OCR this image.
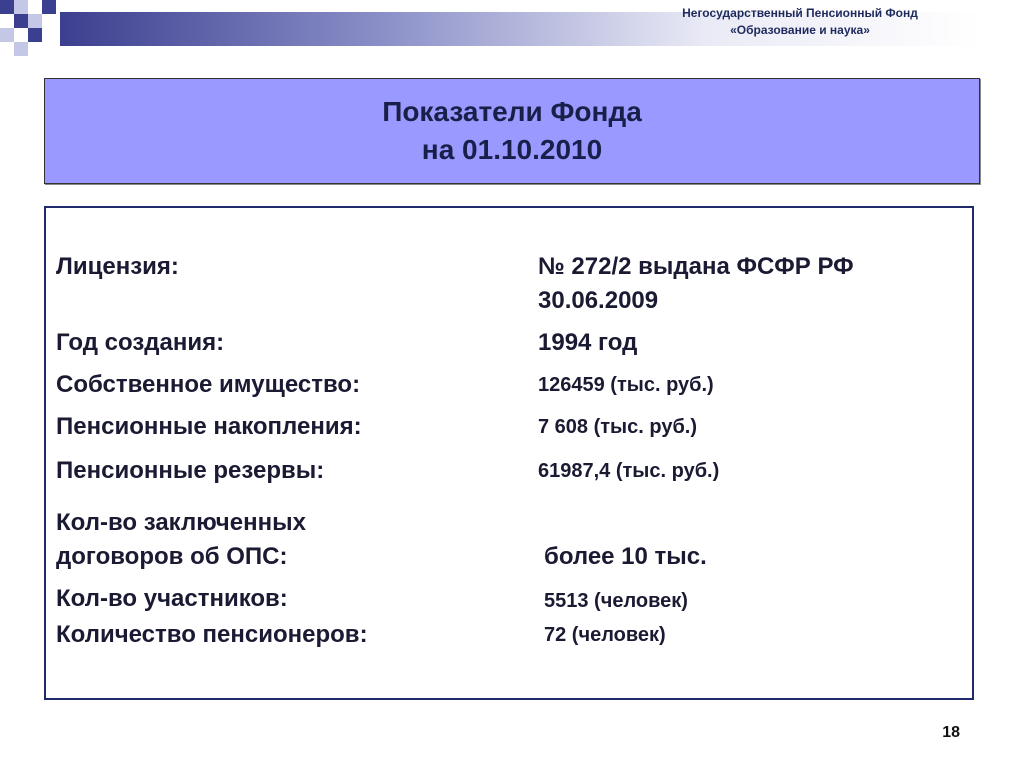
Негосударственный Пенсионный Фонд
«Образование и наука»
Показатели Фонда
на 01.10.2010
Лицензия:	№ 272/2 выдана ФСФР РФ
30.06.2009
Год создания:	1994 год
Собственное имущество:	126459 (тыс. руб.)
Пенсионные накопления:	7 608 (тыс. руб.)
Пенсионные резервы:	61987,4 (тыс. руб.)
Кол-во заключенных
договоров об ОПС:	более 10 тыс.
Кол-во участников:	5513 (человек)
Количество пенсионеров:	72 (человек)
18
